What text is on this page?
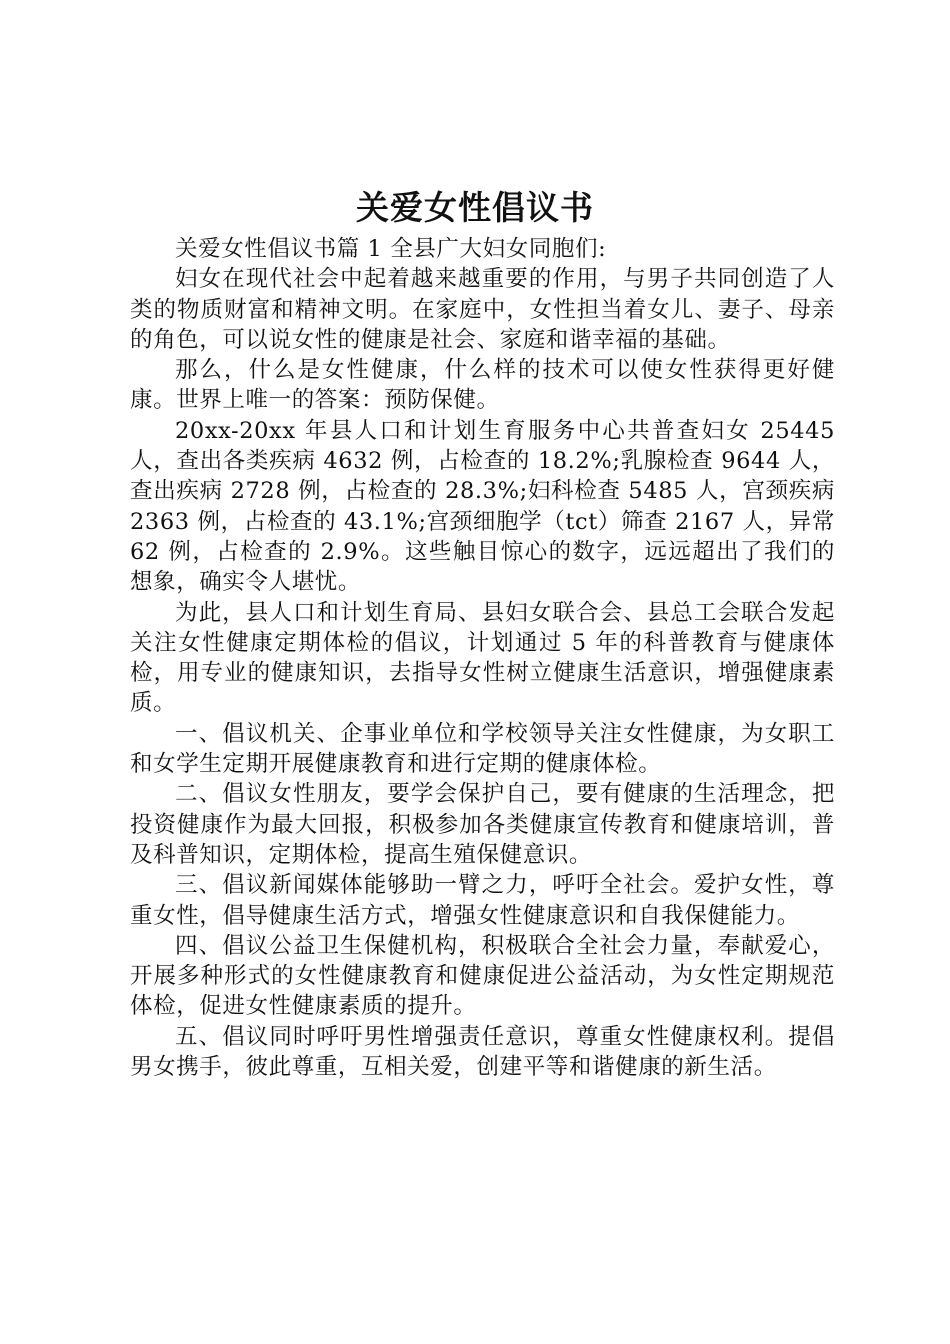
关爱女性倡议书

关爱女性倡议书篇 1 全县广大妇女同胞们:

妇女在现代社会中起着越来越重要的作用，与男子共同创造了人类的物质财富和精神文明。在家庭中，女性担当着女儿、妻子、母亲的角色，可以说女性的健康是社会、家庭和谐幸福的基础。

那么，什么是女性健康，什么样的技术可以使女性获得更好健康。世界上唯一的答案：预防保健。

20xx-20xx 年县人口和计划生育服务中心共普查妇女 25445 人，查出各类疾病 4632 例，占检查的 18.2%;乳腺检查 9644 人，查出疾病 2728 例，占检查的 28.3%;妇科检查 5485 人，宫颈疾病 2363 例，占检查的 43.1%;宫颈细胞学（tct）筛查 2167 人，异常 62 例，占检查的 2.9%。这些触目惊心的数字，远远超出了我们的想象，确实令人堪忧。

为此，县人口和计划生育局、县妇女联合会、县总工会联合发起关注女性健康定期体检的倡议，计划通过 5 年的科普教育与健康体检，用专业的健康知识，去指导女性树立健康生活意识，增强健康素质。

一、倡议机关、企事业单位和学校领导关注女性健康，为女职工和女学生定期开展健康教育和进行定期的健康体检。

二、倡议女性朋友，要学会保护自己，要有健康的生活理念，把投资健康作为最大回报，积极参加各类健康宣传教育和健康培训，普及科普知识，定期体检，提高生殖保健意识。

三、倡议新闻媒体能够助一臂之力，呼吁全社会。爱护女性，尊重女性，倡导健康生活方式，增强女性健康意识和自我保健能力。

四、倡议公益卫生保健机构，积极联合全社会力量，奉献爱心，开展多种形式的女性健康教育和健康促进公益活动，为女性定期规范体检，促进女性健康素质的提升。

五、倡议同时呼吁男性增强责任意识，尊重女性健康权利。提倡男女携手，彼此尊重，互相关爱，创建平等和谐健康的新生活。
